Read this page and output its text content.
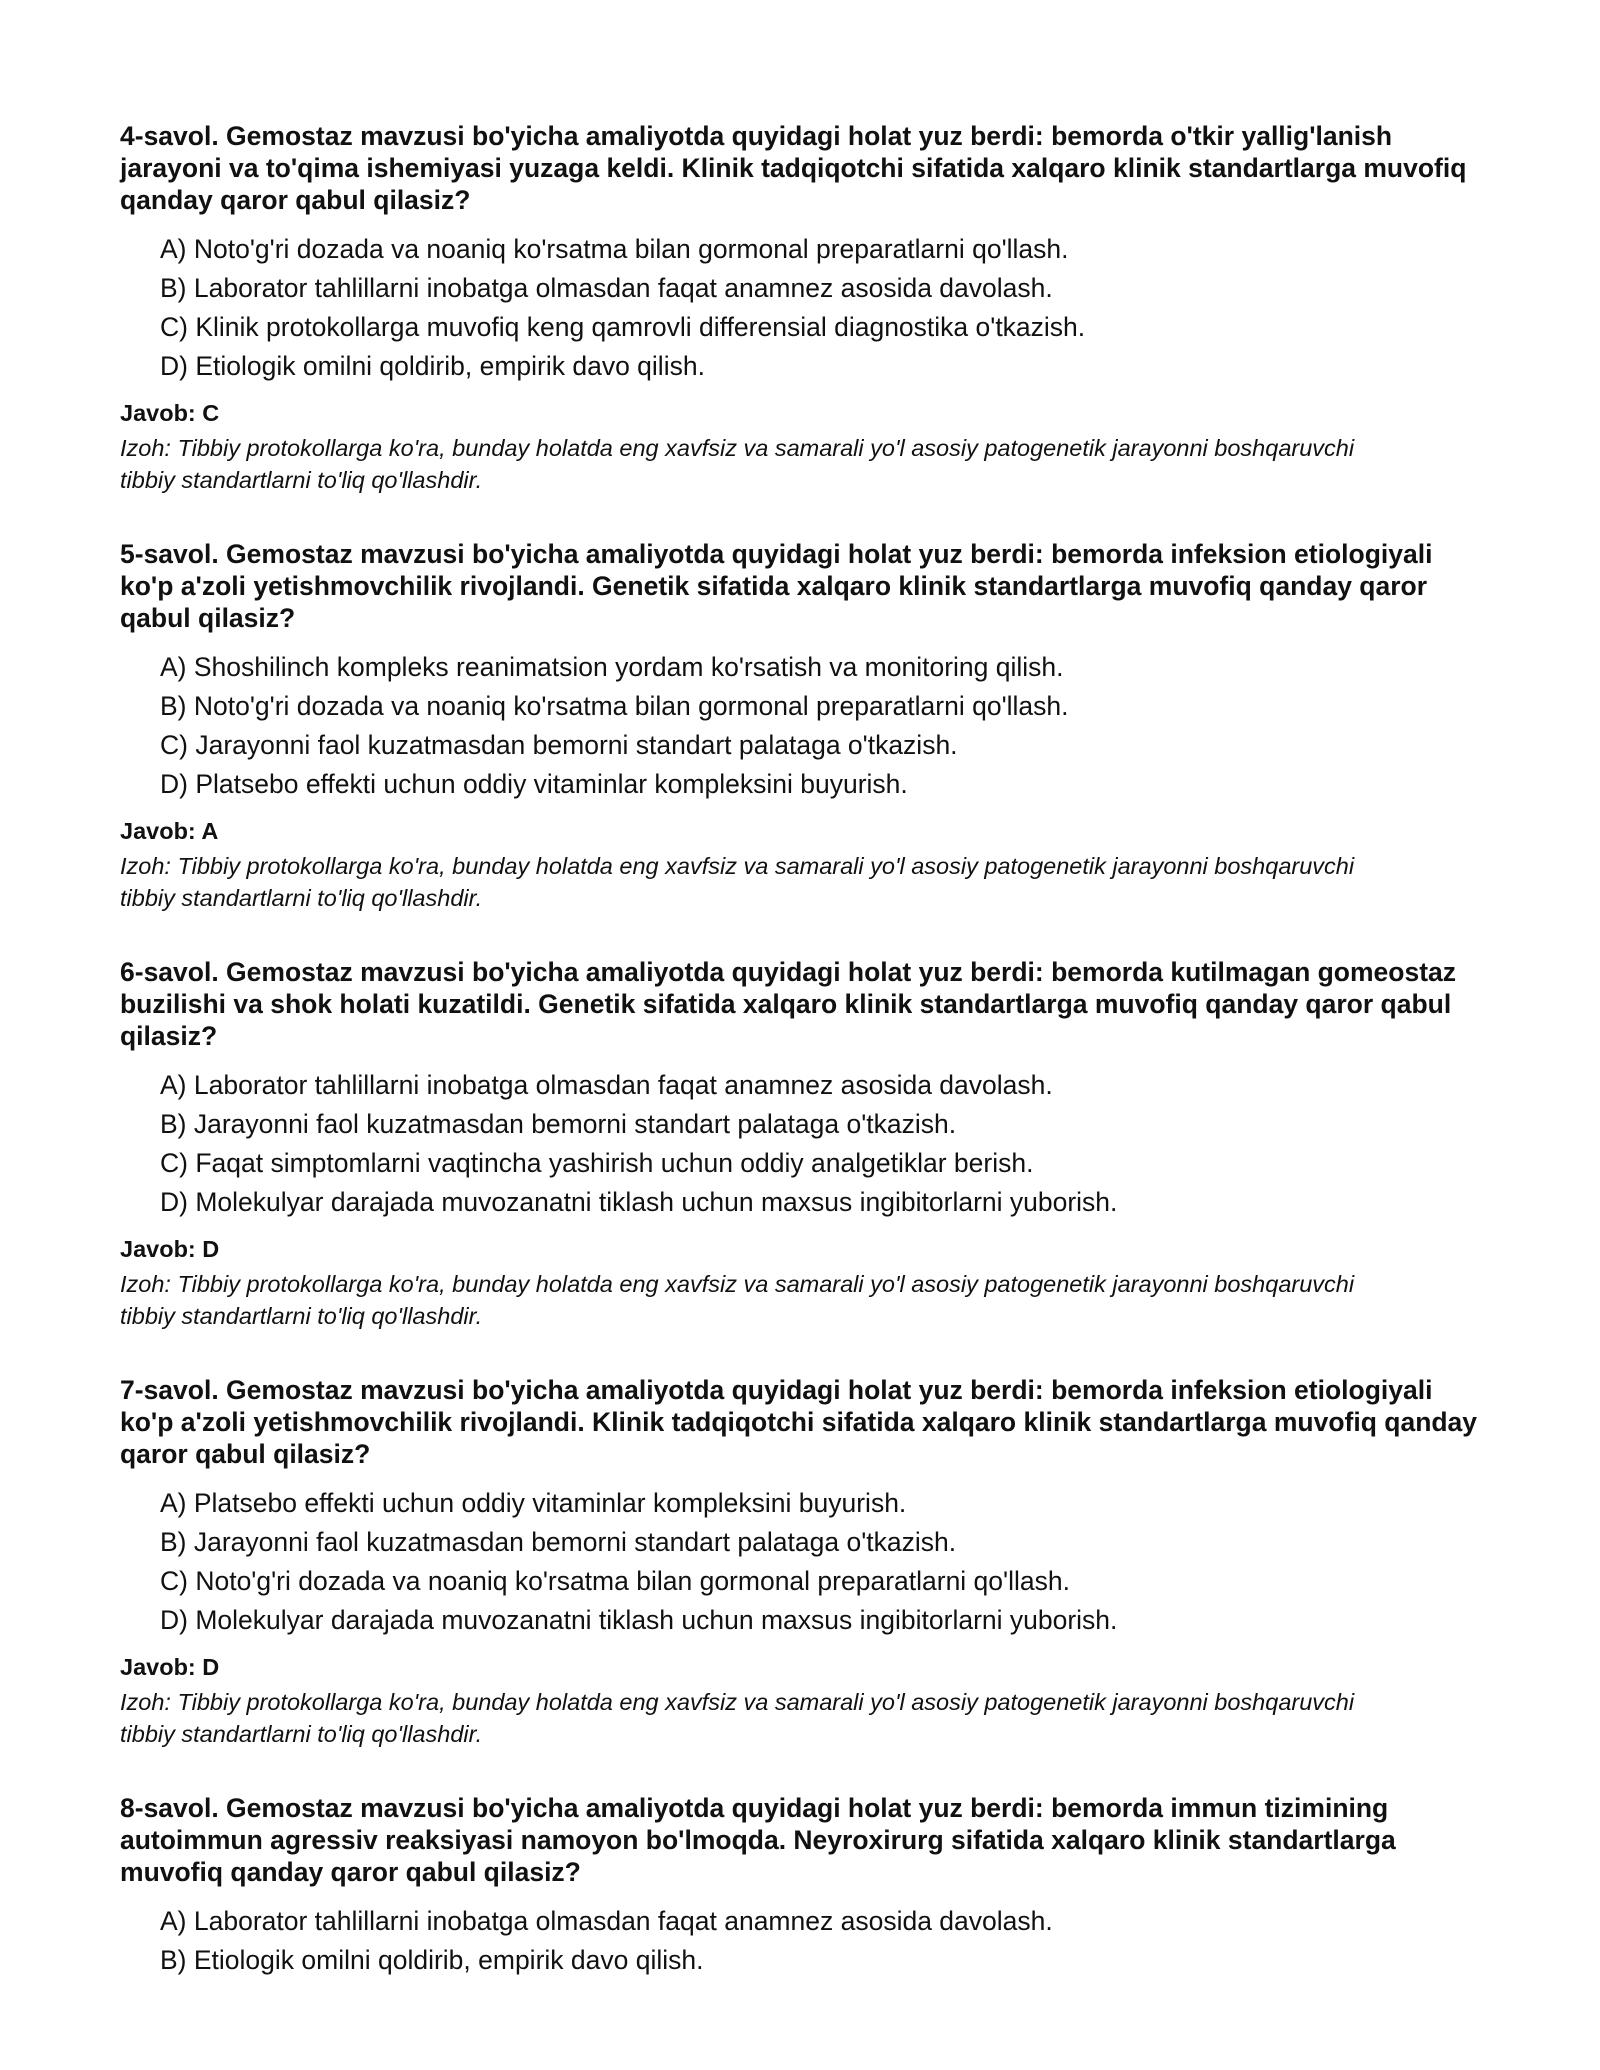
4-savol. Gemostaz mavzusi bo'yicha amaliyotda quyidagi holat yuz berdi: bemorda o'tkir yallig'lanish jarayoni va to'qima ishemiyasi yuzaga keldi. Klinik tadqiqotchi sifatida xalqaro klinik standartlarga muvofiq qanday qaror qabul qilasiz?

A) Noto'g'ri dozada va noaniq ko'rsatma bilan gormonal preparatlarni qo'llash.
B) Laborator tahlillarni inobatga olmasdan faqat anamnez asosida davolash.
C) Klinik protokollarga muvofiq keng qamrovli differensial diagnostika o'tkazish.
D) Etiologik omilni qoldirib, empirik davo qilish.

Javob: C

Izoh: Tibbiy protokollarga ko'ra, bunday holatda eng xavfsiz va samarali yo'l asosiy patogenetik jarayonni boshqaruvchi tibbiy standartlarni to'liq qo'llashdir.

5-savol. Gemostaz mavzusi bo'yicha amaliyotda quyidagi holat yuz berdi: bemorda infeksion etiologiyali ko'p a'zoli yetishmovchilik rivojlandi. Genetik sifatida xalqaro klinik standartlarga muvofiq qanday qaror qabul qilasiz?

A) Shoshilinch kompleks reanimatsion yordam ko'rsatish va monitoring qilish.
B) Noto'g'ri dozada va noaniq ko'rsatma bilan gormonal preparatlarni qo'llash.
C) Jarayonni faol kuzatmasdan bemorni standart palataga o'tkazish.
D) Platsebo effekti uchun oddiy vitaminlar kompleksini buyurish.

Javob: A

Izoh: Tibbiy protokollarga ko'ra, bunday holatda eng xavfsiz va samarali yo'l asosiy patogenetik jarayonni boshqaruvchi tibbiy standartlarni to'liq qo'llashdir.

6-savol. Gemostaz mavzusi bo'yicha amaliyotda quyidagi holat yuz berdi: bemorda kutilmagan gomeostaz buzilishi va shok holati kuzatildi. Genetik sifatida xalqaro klinik standartlarga muvofiq qanday qaror qabul qilasiz?

A) Laborator tahlillarni inobatga olmasdan faqat anamnez asosida davolash.
B) Jarayonni faol kuzatmasdan bemorni standart palataga o'tkazish.
C) Faqat simptomlarni vaqtincha yashirish uchun oddiy analgetiklar berish.
D) Molekulyar darajada muvozanatni tiklash uchun maxsus ingibitorlarni yuborish.

Javob: D

Izoh: Tibbiy protokollarga ko'ra, bunday holatda eng xavfsiz va samarali yo'l asosiy patogenetik jarayonni boshqaruvchi tibbiy standartlarni to'liq qo'llashdir.

7-savol. Gemostaz mavzusi bo'yicha amaliyotda quyidagi holat yuz berdi: bemorda infeksion etiologiyali ko'p a'zoli yetishmovchilik rivojlandi. Klinik tadqiqotchi sifatida xalqaro klinik standartlarga muvofiq qanday qaror qabul qilasiz?

A) Platsebo effekti uchun oddiy vitaminlar kompleksini buyurish.
B) Jarayonni faol kuzatmasdan bemorni standart palataga o'tkazish.
C) Noto'g'ri dozada va noaniq ko'rsatma bilan gormonal preparatlarni qo'llash.
D) Molekulyar darajada muvozanatni tiklash uchun maxsus ingibitorlarni yuborish.

Javob: D

Izoh: Tibbiy protokollarga ko'ra, bunday holatda eng xavfsiz va samarali yo'l asosiy patogenetik jarayonni boshqaruvchi tibbiy standartlarni to'liq qo'llashdir.

8-savol. Gemostaz mavzusi bo'yicha amaliyotda quyidagi holat yuz berdi: bemorda immun tizimining autoimmun agressiv reaksiyasi namoyon bo'lmoqda. Neyroxirurg sifatida xalqaro klinik standartlarga muvofiq qanday qaror qabul qilasiz?

A) Laborator tahlillarni inobatga olmasdan faqat anamnez asosida davolash.
B) Etiologik omilni qoldirib, empirik davo qilish.
